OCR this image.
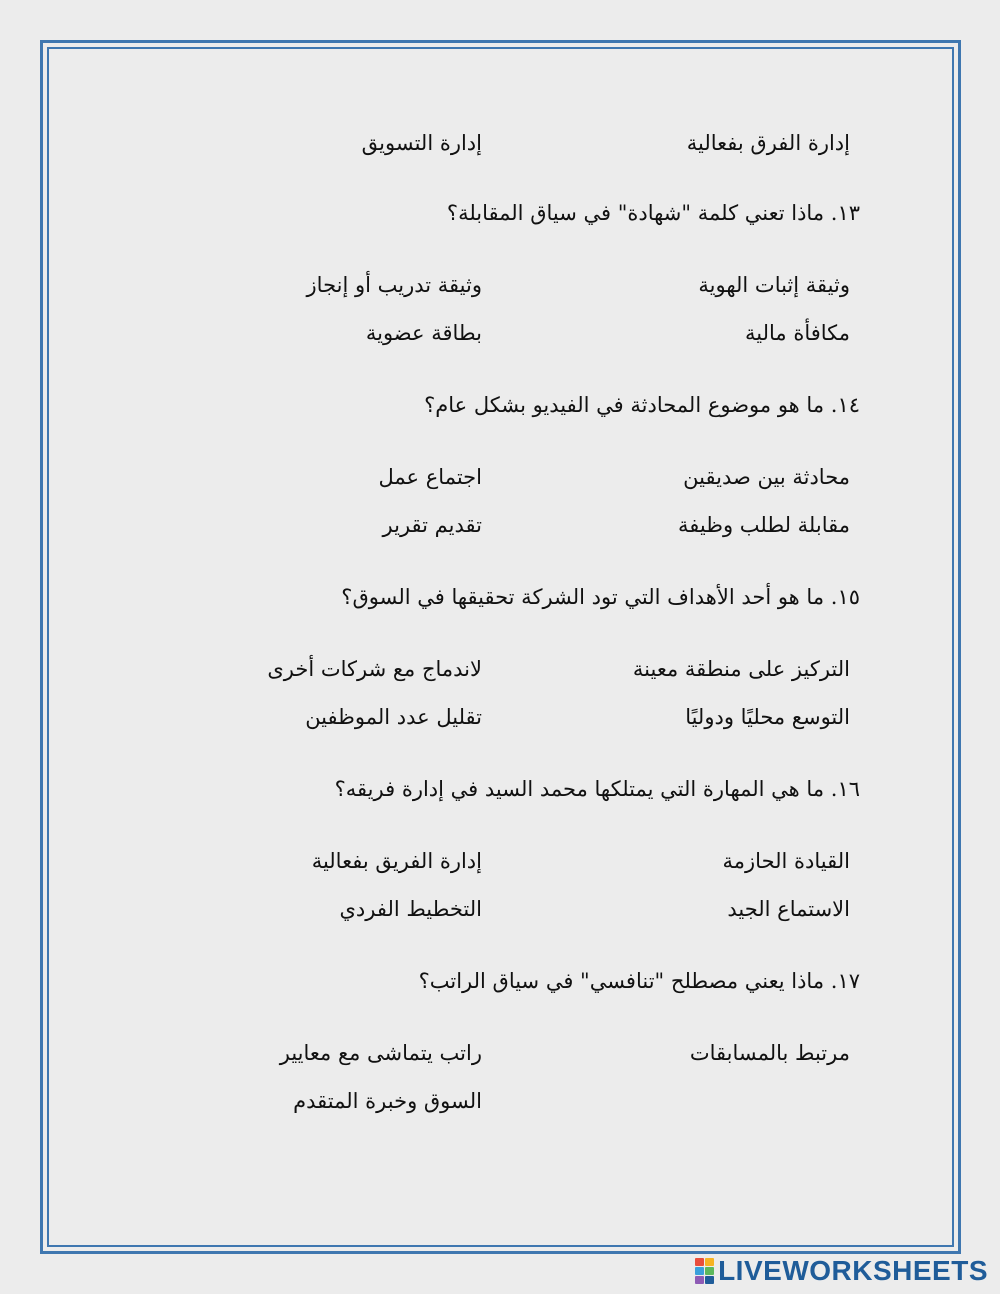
إدارة الفرق بفعالية
إدارة التسويق
١٣. ماذا تعني كلمة "شهادة" في سياق المقابلة؟
وثيقة إثبات الهوية
وثيقة تدريب أو إنجاز
مكافأة مالية
بطاقة عضوية
١٤. ما هو موضوع المحادثة في الفيديو بشكل عام؟
محادثة بين صديقين
اجتماع عمل
مقابلة لطلب وظيفة
تقديم تقرير
١٥. ما هو أحد الأهداف التي تود الشركة تحقيقها في السوق؟
التركيز على منطقة معينة
لاندماج مع شركات أخرى
التوسع محليًا ودوليًا
تقليل عدد الموظفين
١٦. ما هي المهارة التي يمتلكها محمد السيد في إدارة فريقه؟
القيادة الحازمة
إدارة الفريق بفعالية
الاستماع الجيد
التخطيط الفردي
١٧. ماذا يعني مصطلح "تنافسي" في سياق الراتب؟
مرتبط بالمسابقات
راتب يتماشى مع معايير
السوق وخبرة المتقدم
LIVEWORKSHEETS
